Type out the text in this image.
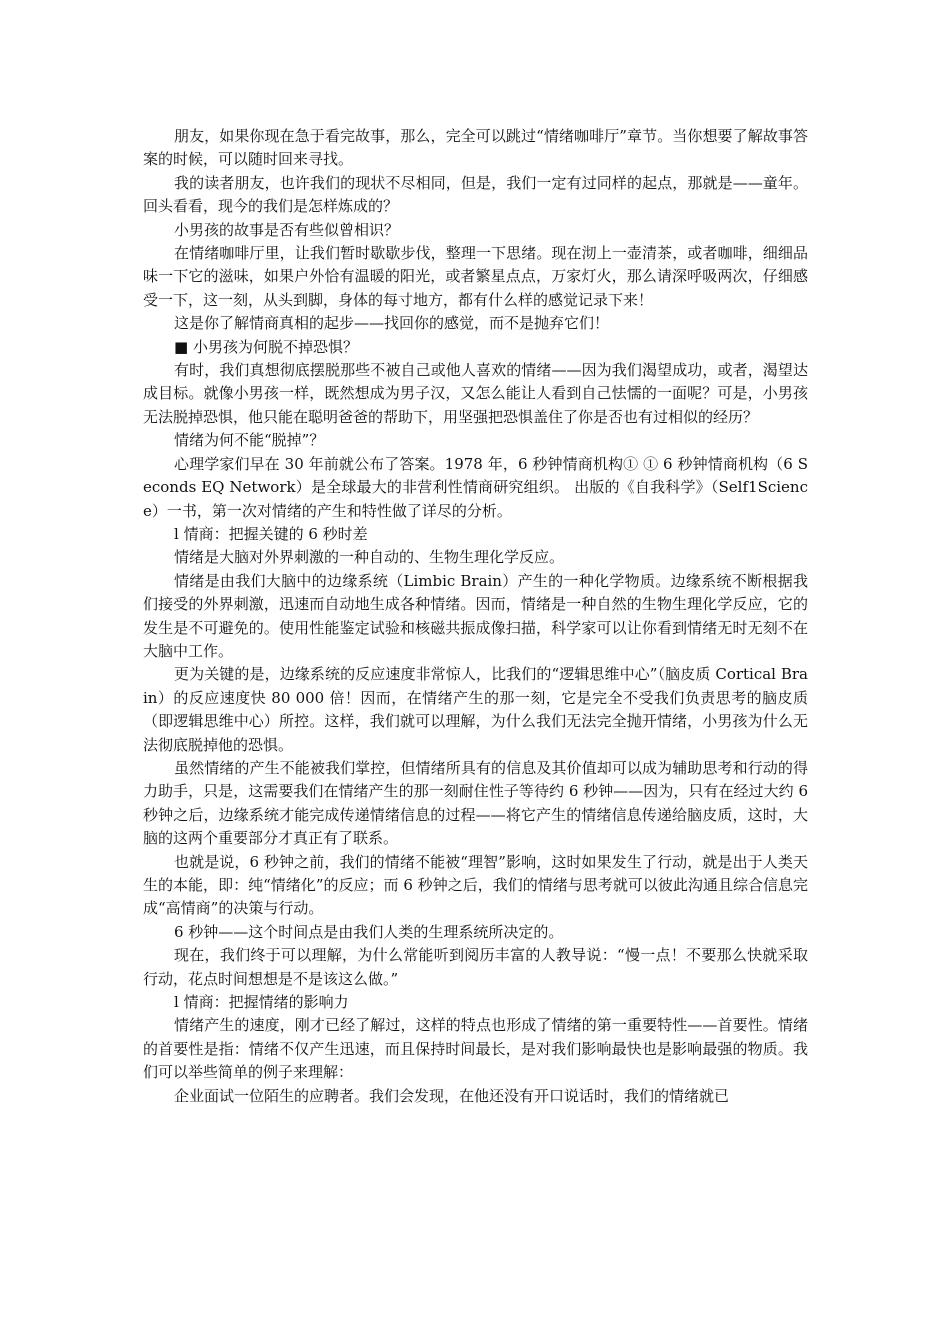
朋友，如果你现在急于看完故事，那么，完全可以跳过“情绪咖啡厅”章节。当你想要了解故事答案的时候，可以随时回来寻找。

我的读者朋友，也许我们的现状不尽相同，但是，我们一定有过同样的起点，那就是——童年。回头看看，现今的我们是怎样炼成的？

小男孩的故事是否有些似曾相识？

在情绪咖啡厅里，让我们暂时歇歇步伐，整理一下思绪。现在沏上一壶清茶，或者咖啡，细细品味一下它的滋味，如果户外恰有温暖的阳光，或者繁星点点，万家灯火，那么请深呼吸两次，仔细感受一下，这一刻，从头到脚，身体的每寸地方，都有什么样的感觉记录下来！

这是你了解情商真相的起步——找回你的感觉，而不是抛弃它们！

■ 小男孩为何脱不掉恐惧？

有时，我们真想彻底摆脱那些不被自己或他人喜欢的情绪——因为我们渴望成功，或者，渴望达成目标。就像小男孩一样，既然想成为男子汉，又怎么能让人看到自己怯懦的一面呢？可是，小男孩无法脱掉恐惧，他只能在聪明爸爸的帮助下，用坚强把恐惧盖住了你是否也有过相似的经历？

情绪为何不能“脱掉”？

心理学家们早在 30 年前就公布了答案。1978 年，6 秒钟情商机构① ① 6 秒钟情商机构（6 Seconds EQ Network）是全球最大的非营利性情商研究组织。 出版的《自我科学》（Self1Science）一书，第一次对情绪的产生和特性做了详尽的分析。

l 情商：把握关键的 6 秒时差

情绪是大脑对外界刺激的一种自动的、生物生理化学反应。

情绪是由我们大脑中的边缘系统（Limbic Brain）产生的一种化学物质。边缘系统不断根据我们接受的外界刺激，迅速而自动地生成各种情绪。因而，情绪是一种自然的生物生理化学反应，它的发生是不可避免的。使用性能鉴定试验和核磁共振成像扫描，科学家可以让你看到情绪无时无刻不在大脑中工作。

更为关键的是，边缘系统的反应速度非常惊人，比我们的“逻辑思维中心”（脑皮质 Cortical Brain）的反应速度快 80 000 倍！因而，在情绪产生的那一刻，它是完全不受我们负责思考的脑皮质（即逻辑思维中心）所控。这样，我们就可以理解，为什么我们无法完全抛开情绪，小男孩为什么无法彻底脱掉他的恐惧。

虽然情绪的产生不能被我们掌控，但情绪所具有的信息及其价值却可以成为辅助思考和行动的得力助手，只是，这需要我们在情绪产生的那一刻耐住性子等待约 6 秒钟——因为，只有在经过大约 6 秒钟之后，边缘系统才能完成传递情绪信息的过程——将它产生的情绪信息传递给脑皮质，这时，大脑的这两个重要部分才真正有了联系。

也就是说，6 秒钟之前，我们的情绪不能被“理智”影响，这时如果发生了行动，就是出于人类天生的本能，即：纯“情绪化”的反应；而 6 秒钟之后，我们的情绪与思考就可以彼此沟通且综合信息完成“高情商”的决策与行动。

6 秒钟——这个时间点是由我们人类的生理系统所决定的。

现在，我们终于可以理解，为什么常能听到阅历丰富的人教导说：“慢一点！不要那么快就采取行动，花点时间想想是不是该这么做。”

l 情商：把握情绪的影响力

情绪产生的速度，刚才已经了解过，这样的特点也形成了情绪的第一重要特性——首要性。情绪的首要性是指：情绪不仅产生迅速，而且保持时间最长，是对我们影响最快也是影响最强的物质。我们可以举些简单的例子来理解：

企业面试一位陌生的应聘者。我们会发现，在他还没有开口说话时，我们的情绪就已
